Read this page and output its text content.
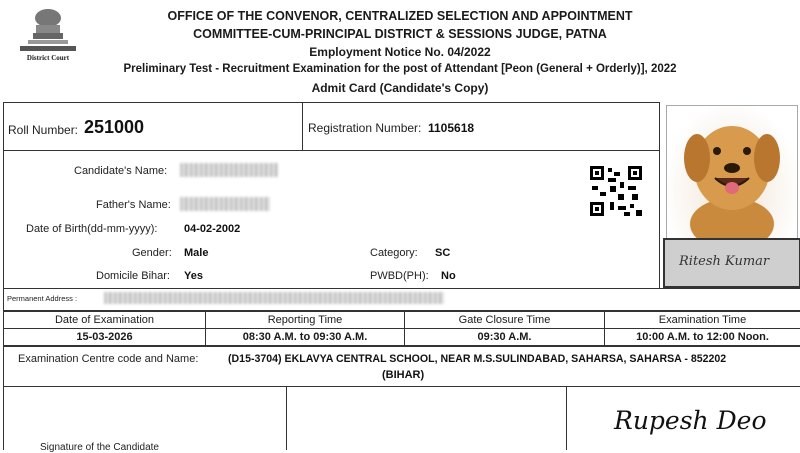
District Court
OFFICE OF THE CONVENOR, CENTRALIZED SELECTION AND APPOINTMENT
COMMITTEE-CUM-PRINCIPAL DISTRICT & SESSIONS JUDGE, PATNA
Employment Notice No. 04/2022
Preliminary Test - Recruitment Examination for the post of Attendant [Peon (General + Orderly)], 2022
Admit Card (Candidate's Copy)
Roll Number: 251000	Registration Number: 1105618
Ritesh Kumar
Candidate's Name:
Father's Name:
Date of Birth(dd-mm-yyyy): 04-02-2002
Gender: Male	Category: SC
Domicile Bihar: Yes	PWBD(PH): No
Permanent Address :
Date of Examination	Reporting Time	Gate Closure Time	Examination Time
15-03-2026	08:30 A.M. to 09:30 A.M.	09:30 A.M.	10:00 A.M. to 12:00 Noon.
Examination Centre code and Name:	(D15-3704) EKLAVYA CENTRAL SCHOOL, NEAR M.S.SULINDABAD, SAHARSA, SAHARSA - 852202
(BIHAR)
Signature of the Candidate
Rupesh Deo
